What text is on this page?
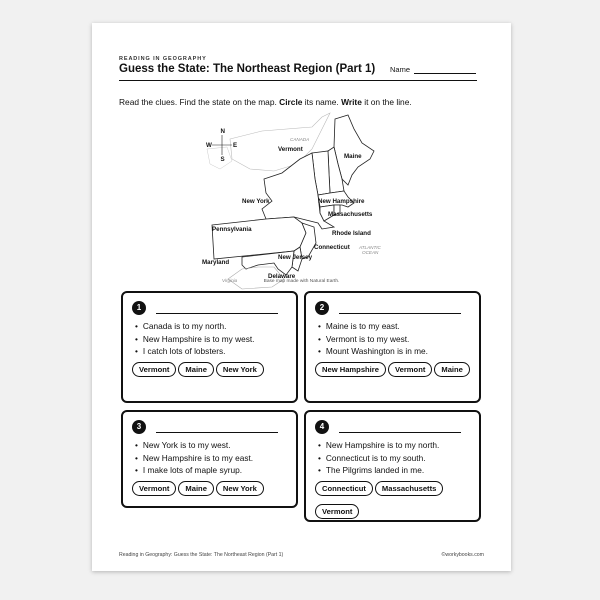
READING IN GEOGRAPHY
Guess the State: The Northeast Region (Part 1) Name
Read the clues. Find the state on the map. Circle its name. Write it on the line.
N
S
E
W
CANADA
ATLANTIC
OCEAN
Vermont
Maine
New York	New Hampshire
Massachusetts
Pennsylvania
Rhode Island
Connecticut
New Jersey
Maryland
Delaware
Virginia	Base map made with Natural Earth.
1
• Canada is to my north.
• New Hampshire is to my west.
• I catch lots of lobsters.
Vermont Maine New York
2
• Maine is to my east.
• Vermont is to my west.
• Mount Washington is in me.
New Hampshire Vermont Maine
3
• New York is to my west.
• New Hampshire is to my east.
• I make lots of maple syrup.
Vermont Maine New York
4
• New Hampshire is to my north.
• Connecticut is to my south.
• The Pilgrims landed in me.
Connecticut MassachusettsVermont
Reading in Geography: Guess the State: The Northeast Region (Part 1)	©workybooks.com
